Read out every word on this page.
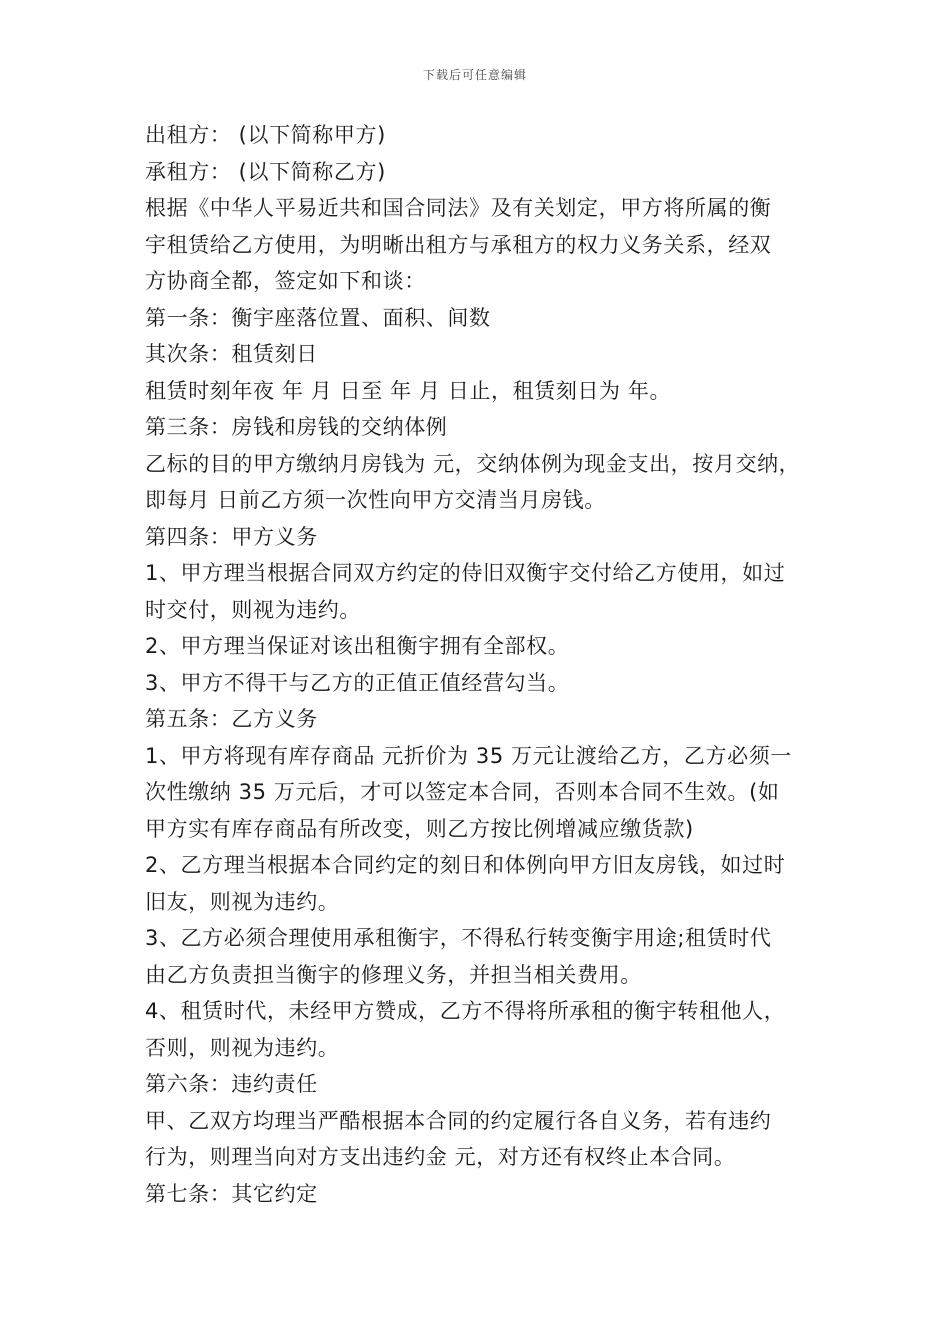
下载后可任意编辑
出租方： (以下简称甲方)
承租方： (以下简称乙方)
根据《中华人平易近共和国合同法》及有关划定，甲方将所属的衡
宇租赁给乙方使用，为明晰出租方与承租方的权力义务关系，经双
方协商全都，签定如下和谈：
第一条：衡宇座落位置、面积、间数
其次条：租赁刻日
租赁时刻年夜 年 月 日至 年 月 日止，租赁刻日为 年。
第三条：房钱和房钱的交纳体例
乙标的目的甲方缴纳月房钱为 元，交纳体例为现金支出，按月交纳，
即每月 日前乙方须一次性向甲方交清当月房钱。
第四条：甲方义务
1、甲方理当根据合同双方约定的侍旧双衡宇交付给乙方使用，如过
时交付，则视为违约。
2、甲方理当保证对该出租衡宇拥有全部权。
3、甲方不得干与乙方的正值正值经营勾当。
第五条：乙方义务
1、甲方将现有库存商品 元折价为 35 万元让渡给乙方，乙方必须一
次性缴纳 35 万元后，才可以签定本合同，否则本合同不生效。(如
甲方实有库存商品有所改变，则乙方按比例增减应缴货款)
2、乙方理当根据本合同约定的刻日和体例向甲方旧友房钱，如过时
旧友，则视为违约。
3、乙方必须合理使用承租衡宇，不得私行转变衡宇用途;租赁时代
由乙方负责担当衡宇的修理义务，并担当相关费用。
4、租赁时代，未经甲方赞成，乙方不得将所承租的衡宇转租他人，
否则，则视为违约。
第六条：违约责任
甲、乙双方均理当严酷根据本合同的约定履行各自义务，若有违约
行为，则理当向对方支出违约金 元，对方还有权终止本合同。
第七条：其它约定
